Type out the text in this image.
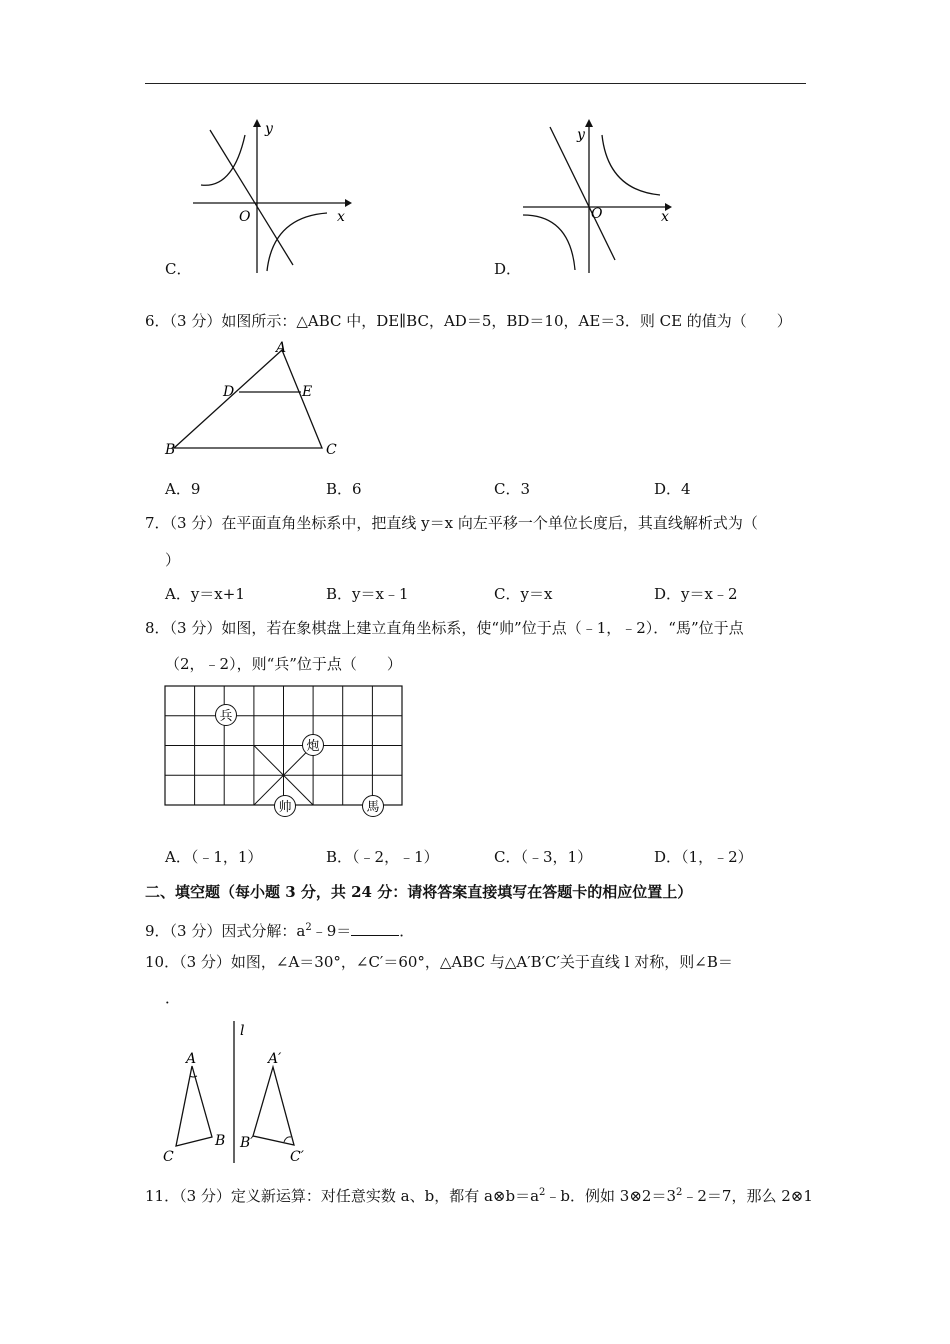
y
x
O
C．
y
x
O
D．
6．（3 分）如图所示：△ABC 中，DE∥BC，AD＝5，BD＝10，AE＝3．则 CE 的值为（　　）
A
D	E
B	C
A．9	B．6	C．3	D．4
7．（3 分）在平面直角坐标系中，把直线 y＝x 向左平移一个单位长度后，其直线解析式为（
）
A．y＝x+1	B．y＝x﹣1	C．y＝x	D．y＝x﹣2
8．（3 分）如图，若在象棋盘上建立直角坐标系，使“帅”位于点（﹣1，﹣2）．“馬”位于点
（2，﹣2），则“兵”位于点（　　）
兵
炮
帅	馬
A．（﹣1，1）	B．（﹣2，﹣1）	C．（﹣3，1）	D．（1，﹣2）
二、填空题（每小题 3 分，共 24 分：请将答案直接填写在答题卡的相应位置上）
9．（3 分）因式分解：$a^2﹣9=$	．
10．（3 分）如图，∠A＝30°，∠C′＝60°，△ABC 与△A′B′C′关于直线 l 对称，则∠B＝
．
l
A
B
C
A′
B′
C′
11．（3 分）定义新运算：对任意实数 a、b，都有 $a\otimes b=a^2﹣b$．例如 $3\otimes 2=3^2﹣2=7$，那么 2⊗1
